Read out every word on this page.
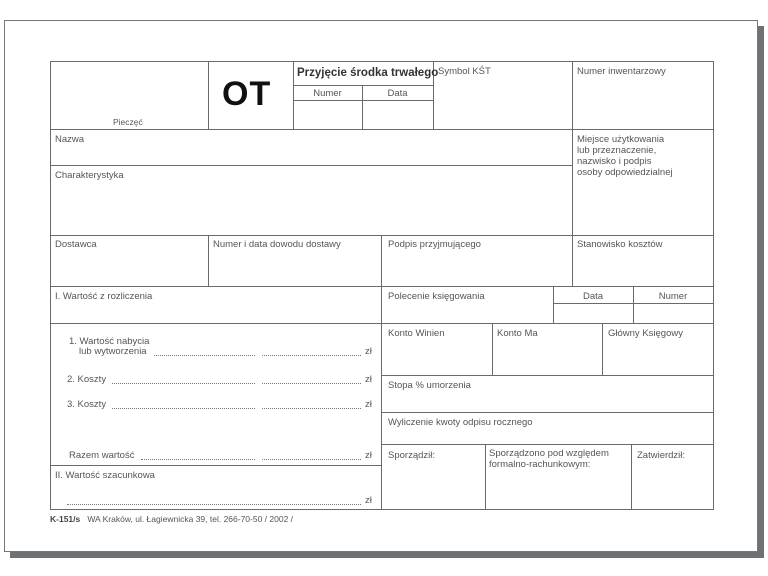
Pieczęć
OT
Przyjęcie środka trwałego
Numer	Data
Symbol KŚT	Numer inwentarzowy
Nazwa
Charakterystyka
Miejsce użytkowania
lub przeznaczenie,
nazwisko i podpis
osoby odpowiedzialnej
Dostawca	Numer i data dowodu dostawy	Podpis przyjmującego	Stanowisko kosztów
I. Wartość z rozliczenia	Polecenie księgowania	Data	Numer
1. Wartość nabycia
lub wytworzenia	zł
2. Koszty	zł
3. Koszty	zł
Razem wartość	zł
II. Wartość szacunkowa
zł
Konto Winien	Konto Ma	Główny Księgowy
Stopa % umorzenia
Wyliczenie kwoty odpisu rocznego
Sporządził:	Sporządzono pod względem
formalno-rachunkowym:
Zatwierdził:
K-151/s WA Kraków, ul. Łagiewnicka 39, tel. 266-70-50 / 2002 /
